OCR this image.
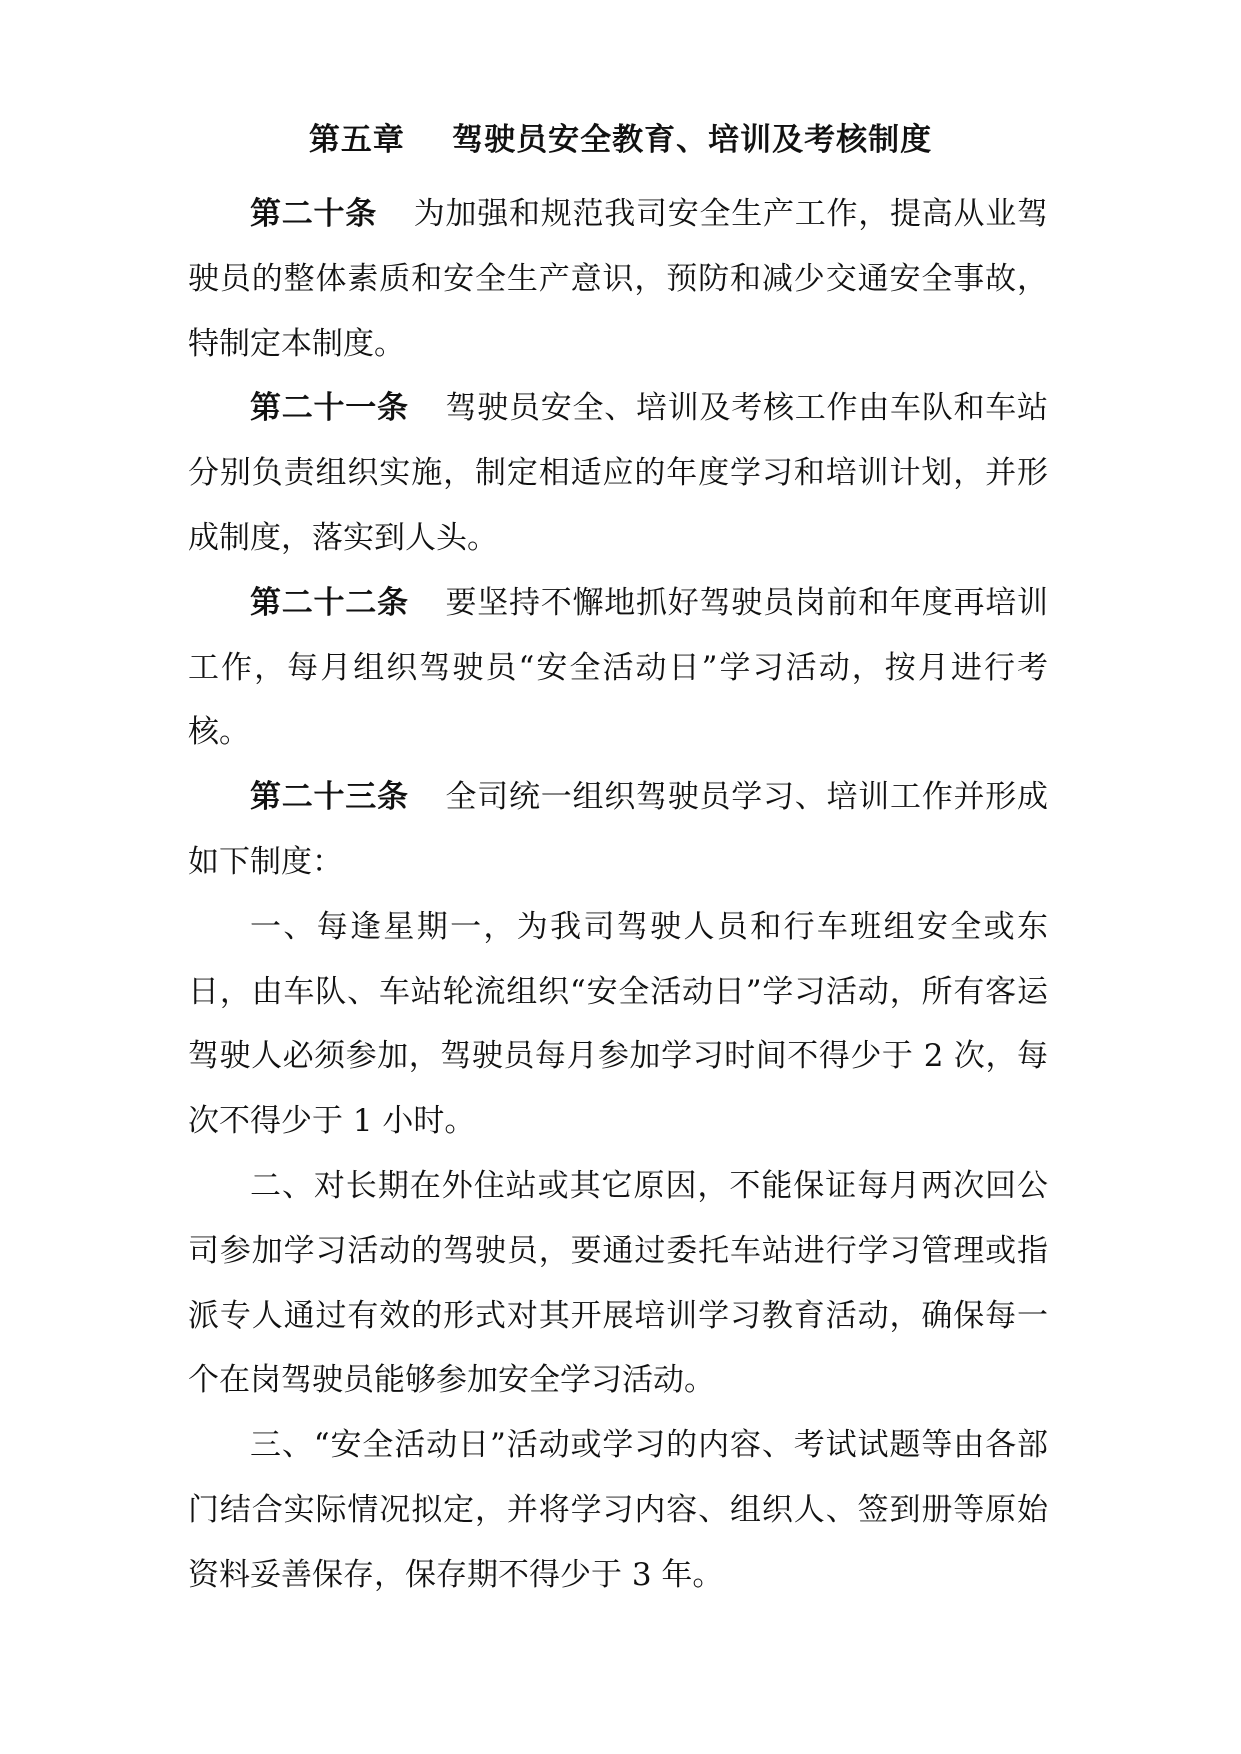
第五章    驾驶员安全教育、培训及考核制度

第二十条 为加强和规范我司安全生产工作，提高从业驾驶员的整体素质和安全生产意识，预防和减少交通安全事故，特制定本制度。

第二十一条 驾驶员安全、培训及考核工作由车队和车站分别负责组织实施，制定相适应的年度学习和培训计划，并形成制度，落实到人头。

第二十二条 要坚持不懈地抓好驾驶员岗前和年度再培训工作，每月组织驾驶员“安全活动日”学习活动，按月进行考核。

第二十三条 全司统一组织驾驶员学习、培训工作并形成如下制度：

一、每逢星期一，为我司驾驶人员和行车班组安全或东日，由车队、车站轮流组织“安全活动日”学习活动，所有客运驾驶人必须参加，驾驶员每月参加学习时间不得少于 2 次，每次不得少于 1 小时。

二、对长期在外住站或其它原因，不能保证每月两次回公司参加学习活动的驾驶员，要通过委托车站进行学习管理或指派专人通过有效的形式对其开展培训学习教育活动，确保每一个在岗驾驶员能够参加安全学习活动。

三、“安全活动日”活动或学习的内容、考试试题等由各部门结合实际情况拟定，并将学习内容、组织人、签到册等原始资料妥善保存，保存期不得少于 3 年。
